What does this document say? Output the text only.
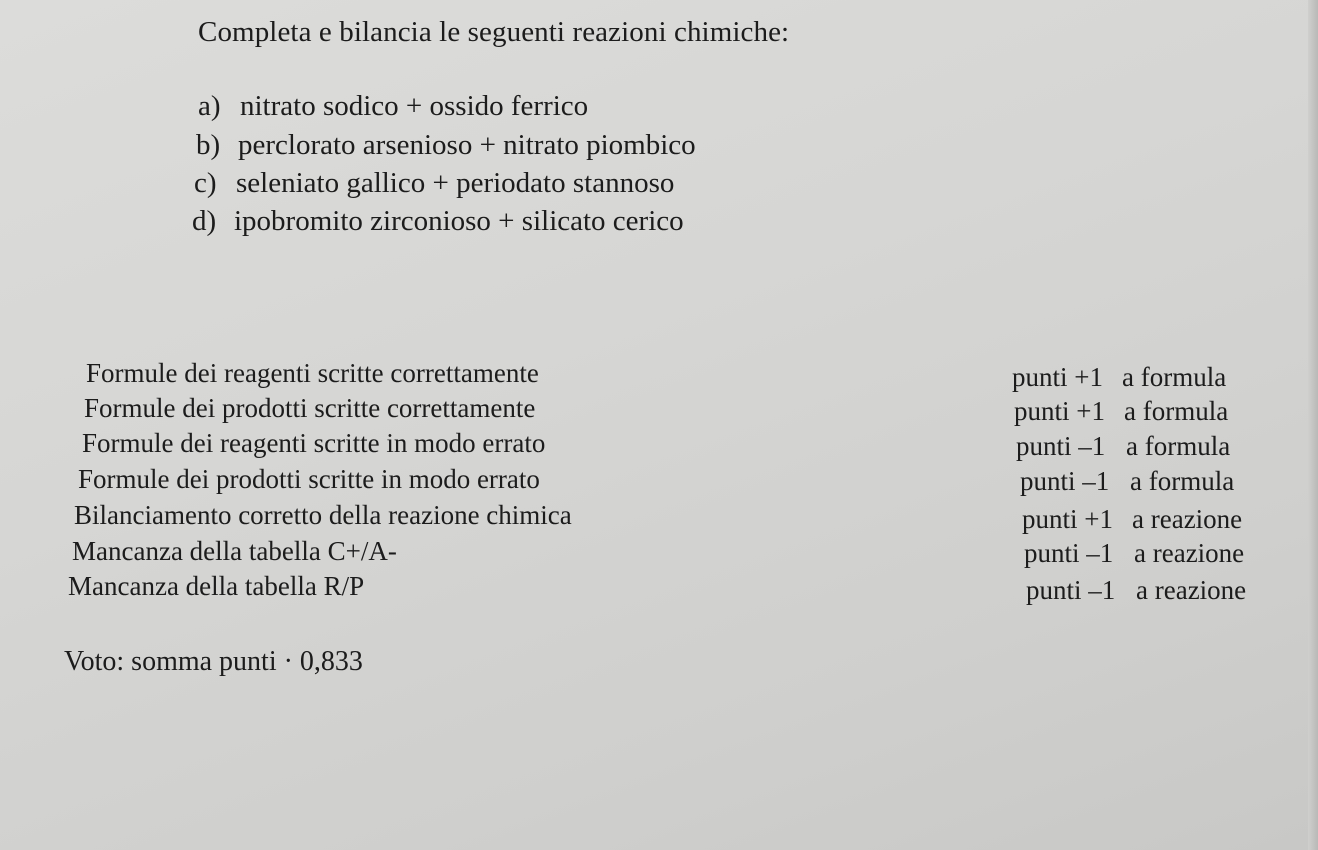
Completa e bilancia le seguenti reazioni chimiche:
a) nitrato sodico + ossido ferrico
b) perclorato arsenioso + nitrato piombico
c) seleniato gallico + periodato stannoso
d) ipobromito zirconioso + silicato cerico
Formule dei reagenti scritte correttamente	punti +1 a formula
Formule dei prodotti scritte correttamente	punti +1 a formula
Formule dei reagenti scritte in modo errato	punti –1 a formula
Formule dei prodotti scritte in modo errato	punti –1 a formula
Bilanciamento corretto della reazione chimica	punti +1 a reazione
Mancanza della tabella C+/A-	punti –1 a reazione
Mancanza della tabella R/P	punti –1 a reazione
Voto: somma punti · 0,833
